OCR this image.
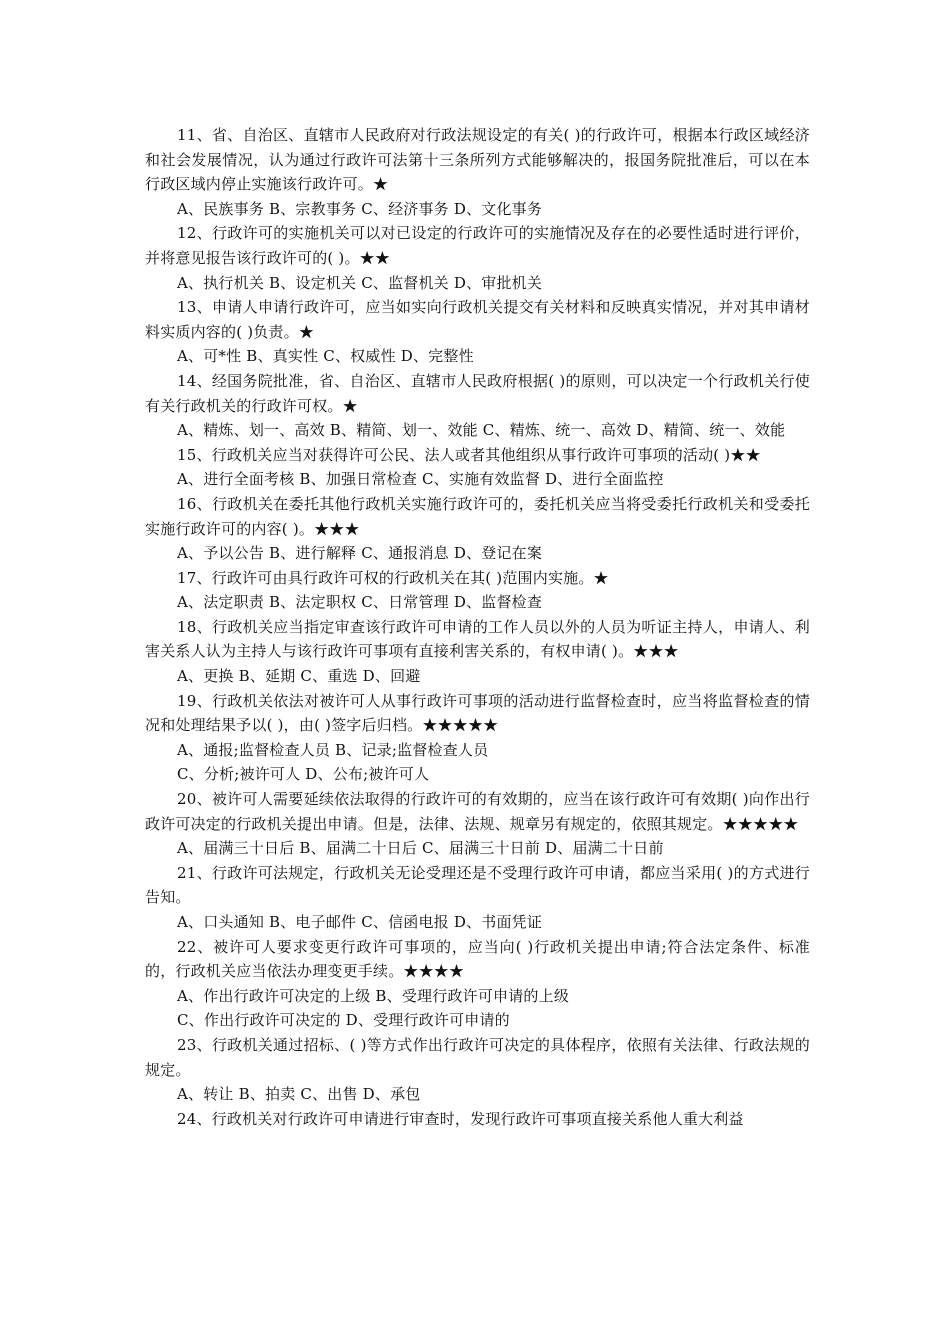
11、省、自治区、直辖市人民政府对行政法规设定的有关( )的行政许可，根据本行政区域经济和社会发展情况，认为通过行政许可法第十三条所列方式能够解决的，报国务院批准后，可以在本行政区域内停止实施该行政许可。★

A、民族事务 B、宗教事务 C、经济事务 D、文化事务

12、行政许可的实施机关可以对已设定的行政许可的实施情况及存在的必要性适时进行评价，并将意见报告该行政许可的( )。★★

A、执行机关 B、设定机关 C、监督机关 D、审批机关

13、申请人申请行政许可，应当如实向行政机关提交有关材料和反映真实情况，并对其申请材料实质内容的( )负责。★

A、可*性 B、真实性 C、权威性 D、完整性

14、经国务院批准，省、自治区、直辖市人民政府根据( )的原则，可以决定一个行政机关行使有关行政机关的行政许可权。★

A、精炼、划一、高效 B、精简、划一、效能 C、精炼、统一、高效 D、精简、统一、效能

15、行政机关应当对获得许可公民、法人或者其他组织从事行政许可事项的活动( )★★

A、进行全面考核 B、加强日常检查 C、实施有效监督 D、进行全面监控

16、行政机关在委托其他行政机关实施行政许可的，委托机关应当将受委托行政机关和受委托实施行政许可的内容( )。★★★

A、予以公告 B、进行解释 C、通报消息 D、登记在案

17、行政许可由具行政许可权的行政机关在其( )范围内实施。★

A、法定职责 B、法定职权 C、日常管理 D、监督检查

18、行政机关应当指定审查该行政许可申请的工作人员以外的人员为听证主持人，申请人、利害关系人认为主持人与该行政许可事项有直接利害关系的，有权申请( )。★★★

A、更换 B、延期 C、重选 D、回避

19、行政机关依法对被许可人从事行政许可事项的活动进行监督检查时，应当将监督检查的情况和处理结果予以( )，由( )签字后归档。★★★★★

A、通报;监督检查人员 B、记录;监督检查人员

C、分析;被许可人 D、公布;被许可人

20、被许可人需要延续依法取得的行政许可的有效期的，应当在该行政许可有效期( )向作出行政许可决定的行政机关提出申请。但是，法律、法规、规章另有规定的，依照其规定。★★★★★

A、届满三十日后 B、届满二十日后 C、届满三十日前 D、届满二十日前

21、行政许可法规定，行政机关无论受理还是不受理行政许可申请，都应当采用( )的方式进行告知。

A、口头通知 B、电子邮件 C、信函电报 D、书面凭证

22、被许可人要求变更行政许可事项的，应当向( )行政机关提出申请;符合法定条件、标准的，行政机关应当依法办理变更手续。★★★★

A、作出行政许可决定的上级 B、受理行政许可申请的上级

C、作出行政许可决定的 D、受理行政许可申请的

23、行政机关通过招标、( )等方式作出行政许可决定的具体程序，依照有关法律、行政法规的规定。

A、转让 B、拍卖 C、出售 D、承包

24、行政机关对行政许可申请进行审查时，发现行政许可事项直接关系他人重大利益
